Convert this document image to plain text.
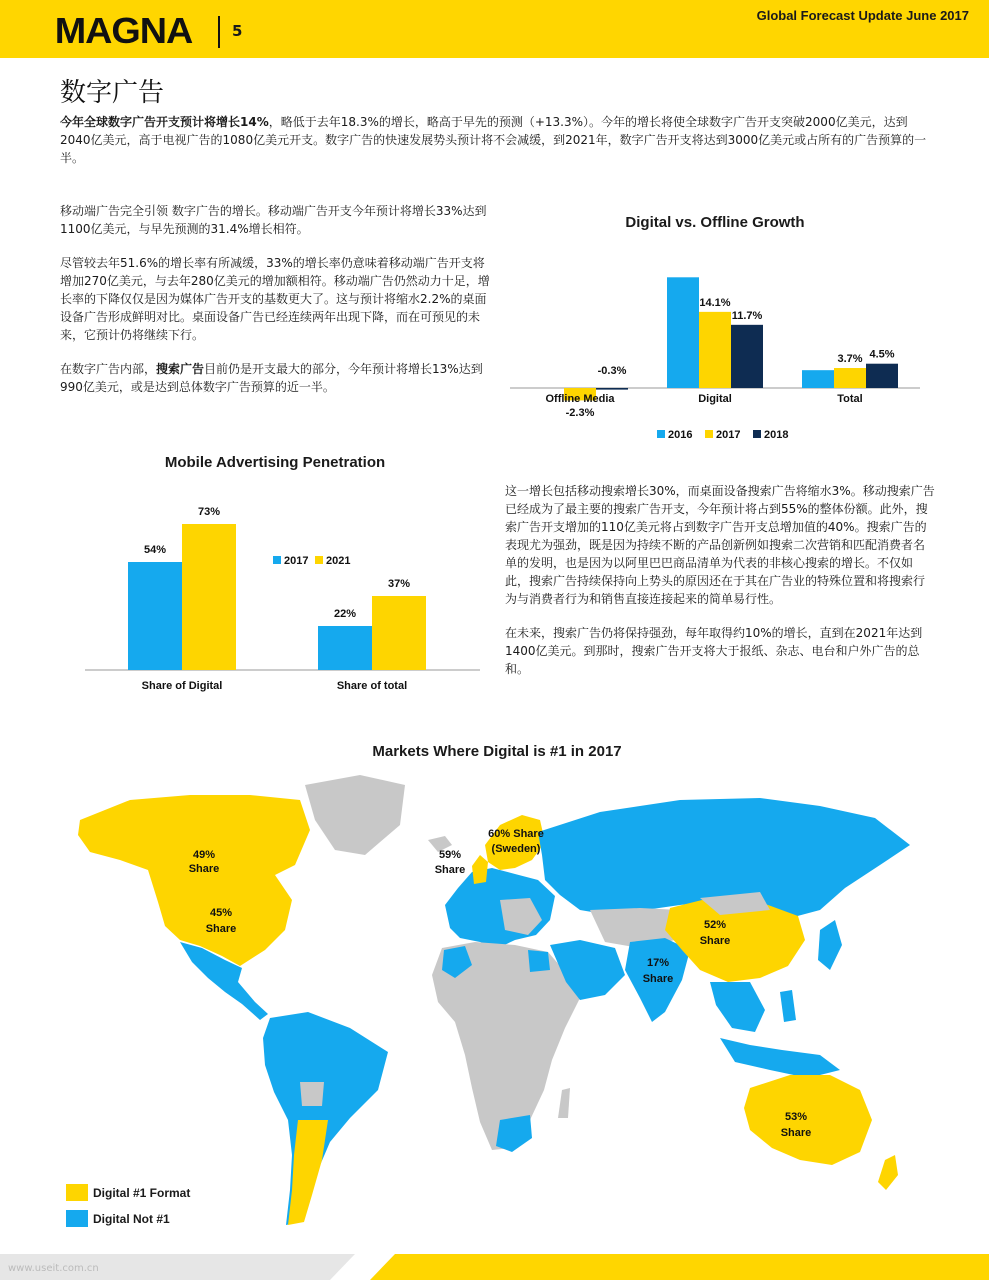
MAGNA	5
Global Forecast Update June 2017
数字广告
今年全球数字广告开支预计将增长14%，略低于去年18.3%的增长，略高于早先的预测（+13.3%）。今年的增长将使全球数字广告开支突破2000亿美元，达到2040亿美元，高于电视广告的1080亿美元开支。数字广告的快速发展势头预计将不会减缓，到2021年，数字广告开支将达到3000亿美元或占所有的广告预算的一半。

移动端广告完全引领 数字广告的增长。移动端广告开支今年预计将增长33%达到1100亿美元，与早先预测的31.4%增长相符。

尽管较去年51.6%的增长率有所减缓，33%的增长率仍意味着移动端广告开支将增加270亿美元，与去年280亿美元的增加额相符。移动端广告仍然动力十足，增长率的下降仅仅是因为媒体广告开支的基数更大了。这与预计将缩水2.2%的桌面设备广告形成鲜明对比。桌面设备广告已经连续两年出现下降，而在可预见的未来，它预计仍将继续下行。

在数字广告内部，搜索广告目前仍是开支最大的部分，今年预计将增长13%达到990亿美元，或是达到总体数字广告预算的近一半。

Digital vs. Offline Growth
Offline Media	Digital	Total
-2.3%
-0.3%
14.1%
11.7%
3.7% 4.5%
2016 2017 2018
Mobile Advertising Penetration
54%
73%
Share of Digital
22%
37%
Share of total
2017 2021

这一增长包括移动搜索增长30%，而桌面设备搜索广告将缩水3%。移动搜索广告已经成为了最主要的搜索广告开支，今年预计将占到55%的整体份额。此外，搜索广告开支增加的110亿美元将占到数字广告开支总增加值的40%。搜索广告的表现尤为强劲，既是因为持续不断的产品创新例如搜索二次营销和匹配消费者名单的发明，也是因为以阿里巴巴商品清单为代表的非核心搜索的增长。不仅如此，搜索广告持续保持向上势头的原因还在于其在广告业的特殊位置和将搜索行为与消费者行为和销售直接连接起来的简单易行性。

在未来，搜索广告仍将保持强劲，每年取得约10%的增长，直到在2021年达到1400亿美元。到那时，搜索广告开支将大于报纸、杂志、电台和户外广告的总和。

Markets Where Digital is #1 in 2017
49%
Share
45%
Share
59%
Share
60% Share
(Sweden)
52%
Share
17%
Share
53%
Share
Digital #1 Format
Digital Not #1
www.useit.com.cn
